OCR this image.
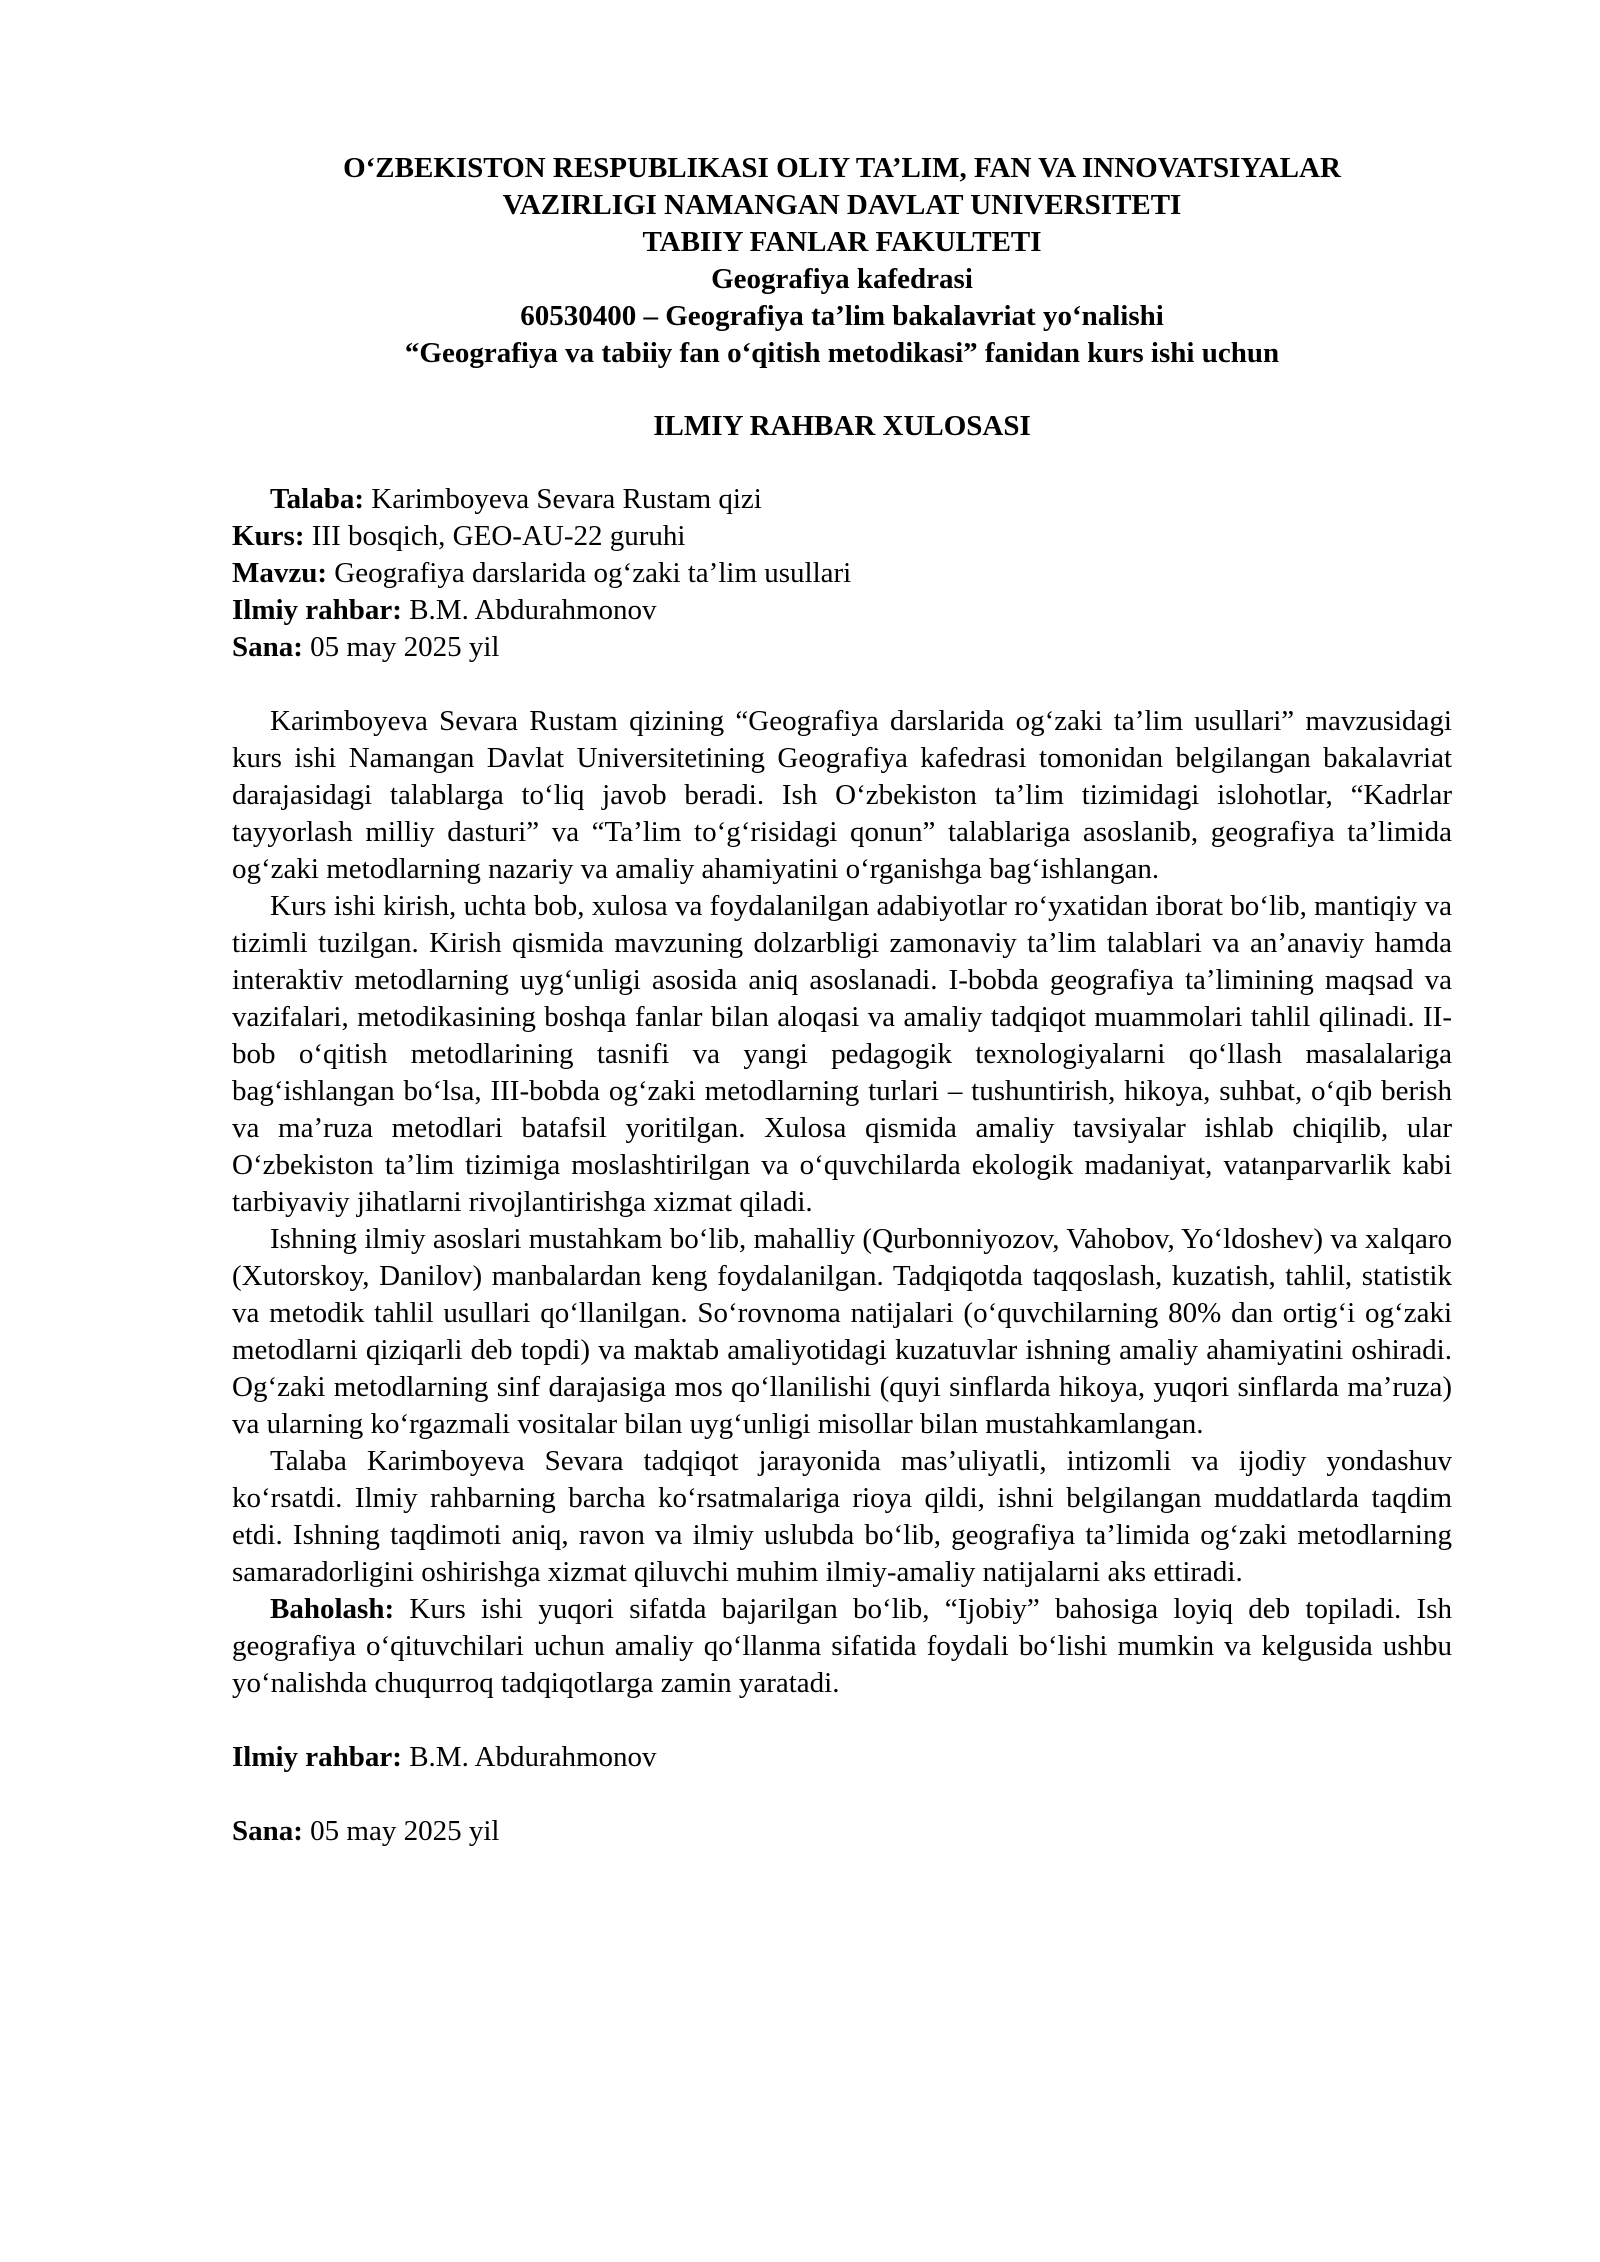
O‘ZBEKISTON RESPUBLIKASI OLIY TA’LIM, FAN VA INNOVATSIYALAR
VAZIRLIGI NAMANGAN DAVLAT UNIVERSITETI
TABIIY FANLAR FAKULTETI
Geografiya kafedrasi
60530400 – Geografiya ta’lim bakalavriat yo‘nalishi
“Geografiya va tabiiy fan o‘qitish metodikasi” fanidan kurs ishi uchun
ILMIY RAHBAR XULOSASI
Talaba: Karimboyeva Sevara Rustam qizi
Kurs: III bosqich, GEO-AU-22 guruhi
Mavzu: Geografiya darslarida og‘zaki ta’lim usullari
Ilmiy rahbar: B.M. Abdurahmonov
Sana: 05 may 2025 yil

Karimboyeva Sevara Rustam qizining “Geografiya darslarida og‘zaki ta’lim usullari” mavzusidagi kurs ishi Namangan Davlat Universitetining Geografiya kafedrasi tomonidan belgilangan bakalavriat darajasidagi talablarga to‘liq javob beradi. Ish O‘zbekiston ta’lim tizimidagi islohotlar, “Kadrlar tayyorlash milliy dasturi” va “Ta’lim to‘g‘risidagi qonun” talablariga asoslanib, geografiya ta’limida og‘zaki metodlarning nazariy va amaliy ahamiyatini o‘rganishga bag‘ishlangan.

Kurs ishi kirish, uchta bob, xulosa va foydalanilgan adabiyotlar ro‘yxatidan iborat bo‘lib, mantiqiy va tizimli tuzilgan. Kirish qismida mavzuning dolzarbligi zamonaviy ta’lim talablari va an’anaviy hamda interaktiv metodlarning uyg‘unligi asosida aniq asoslanadi. I-bobda geografiya ta’limining maqsad va vazifalari, metodikasining boshqa fanlar bilan aloqasi va amaliy tadqiqot muammolari tahlil qilinadi. II-bob o‘qitish metodlarining tasnifi va yangi pedagogik texnologiyalarni qo‘llash masalalariga bag‘ishlangan bo‘lsa, III-bobda og‘zaki metodlarning turlari – tushuntirish, hikoya, suhbat, o‘qib berish va ma’ruza metodlari batafsil yoritilgan. Xulosa qismida amaliy tavsiyalar ishlab chiqilib, ular O‘zbekiston ta’lim tizimiga moslashtirilgan va o‘quvchilarda ekologik madaniyat, vatanparvarlik kabi tarbiyaviy jihatlarni rivojlantirishga xizmat qiladi.

Ishning ilmiy asoslari mustahkam bo‘lib, mahalliy (Qurbonniyozov, Vahobov, Yo‘ldoshev) va xalqaro (Xutorskoy, Danilov) manbalardan keng foydalanilgan. Tadqiqotda taqqoslash, kuzatish, tahlil, statistik va metodik tahlil usullari qo‘llanilgan. So‘rovnoma natijalari (o‘quvchilarning 80% dan ortig‘i og‘zaki metodlarni qiziqarli deb topdi) va maktab amaliyotidagi kuzatuvlar ishning amaliy ahamiyatini oshiradi. Og‘zaki metodlarning sinf darajasiga mos qo‘llanilishi (quyi sinflarda hikoya, yuqori sinflarda ma’ruza) va ularning ko‘rgazmali vositalar bilan uyg‘unligi misollar bilan mustahkamlangan.

Talaba Karimboyeva Sevara tadqiqot jarayonida mas’uliyatli, intizomli va ijodiy yondashuv ko‘rsatdi. Ilmiy rahbarning barcha ko‘rsatmalariga rioya qildi, ishni belgilangan muddatlarda taqdim etdi. Ishning taqdimoti aniq, ravon va ilmiy uslubda bo‘lib, geografiya ta’limida og‘zaki metodlarning samaradorligini oshirishga xizmat qiluvchi muhim ilmiy-amaliy natijalarni aks ettiradi.

Baholash: Kurs ishi yuqori sifatda bajarilgan bo‘lib, “Ijobiy” bahosiga loyiq deb topiladi. Ish geografiya o‘qituvchilari uchun amaliy qo‘llanma sifatida foydali bo‘lishi mumkin va kelgusida ushbu yo‘nalishda chuqurroq tadqiqotlarga zamin yaratadi.

Ilmiy rahbar: B.M. Abdurahmonov
Sana: 05 may 2025 yil
